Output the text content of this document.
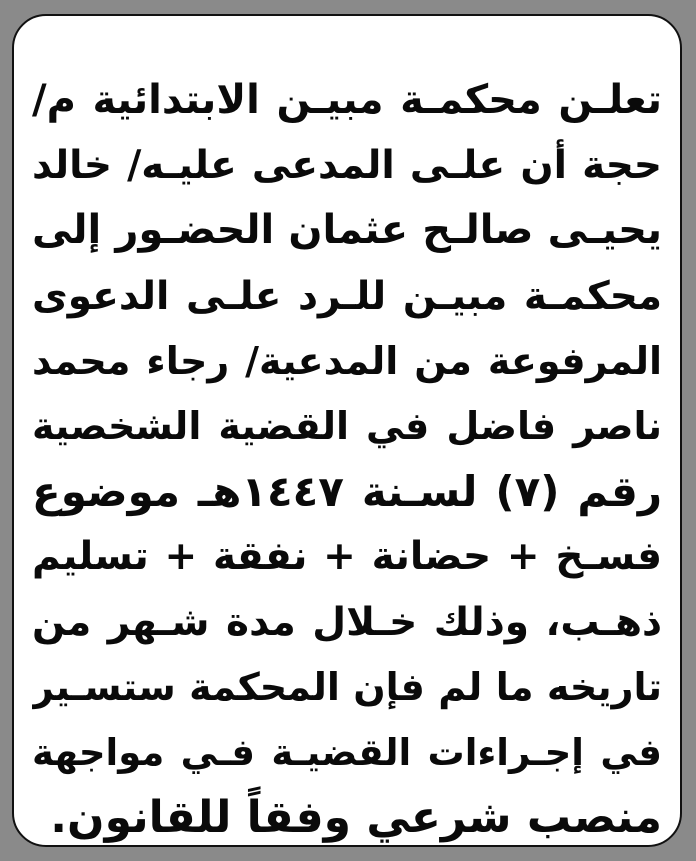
تعلـن محكمـة مبيـن الابتدائية م/
حجة أن علـى المدعى عليـه/ خالد
يحيـى صالـح عثمان الحضـور إلى
محكمـة مبيـن للـرد علـى الدعوى
المرفوعة من المدعية/ رجاء محمد
ناصر فاضل في القضية الشخصية
رقم (٧) لسـنة ١٤٤٧هـ موضوع
فسـخ + حضانة + نفقة + تسليم
ذهـب، وذلك خـلال مدة شـهر من
تاريخه ما لم فإن المحكمة ستسـير
في إجـراءات القضيـة فـي مواجهة
منصب شرعي وفقاً للقانون.
